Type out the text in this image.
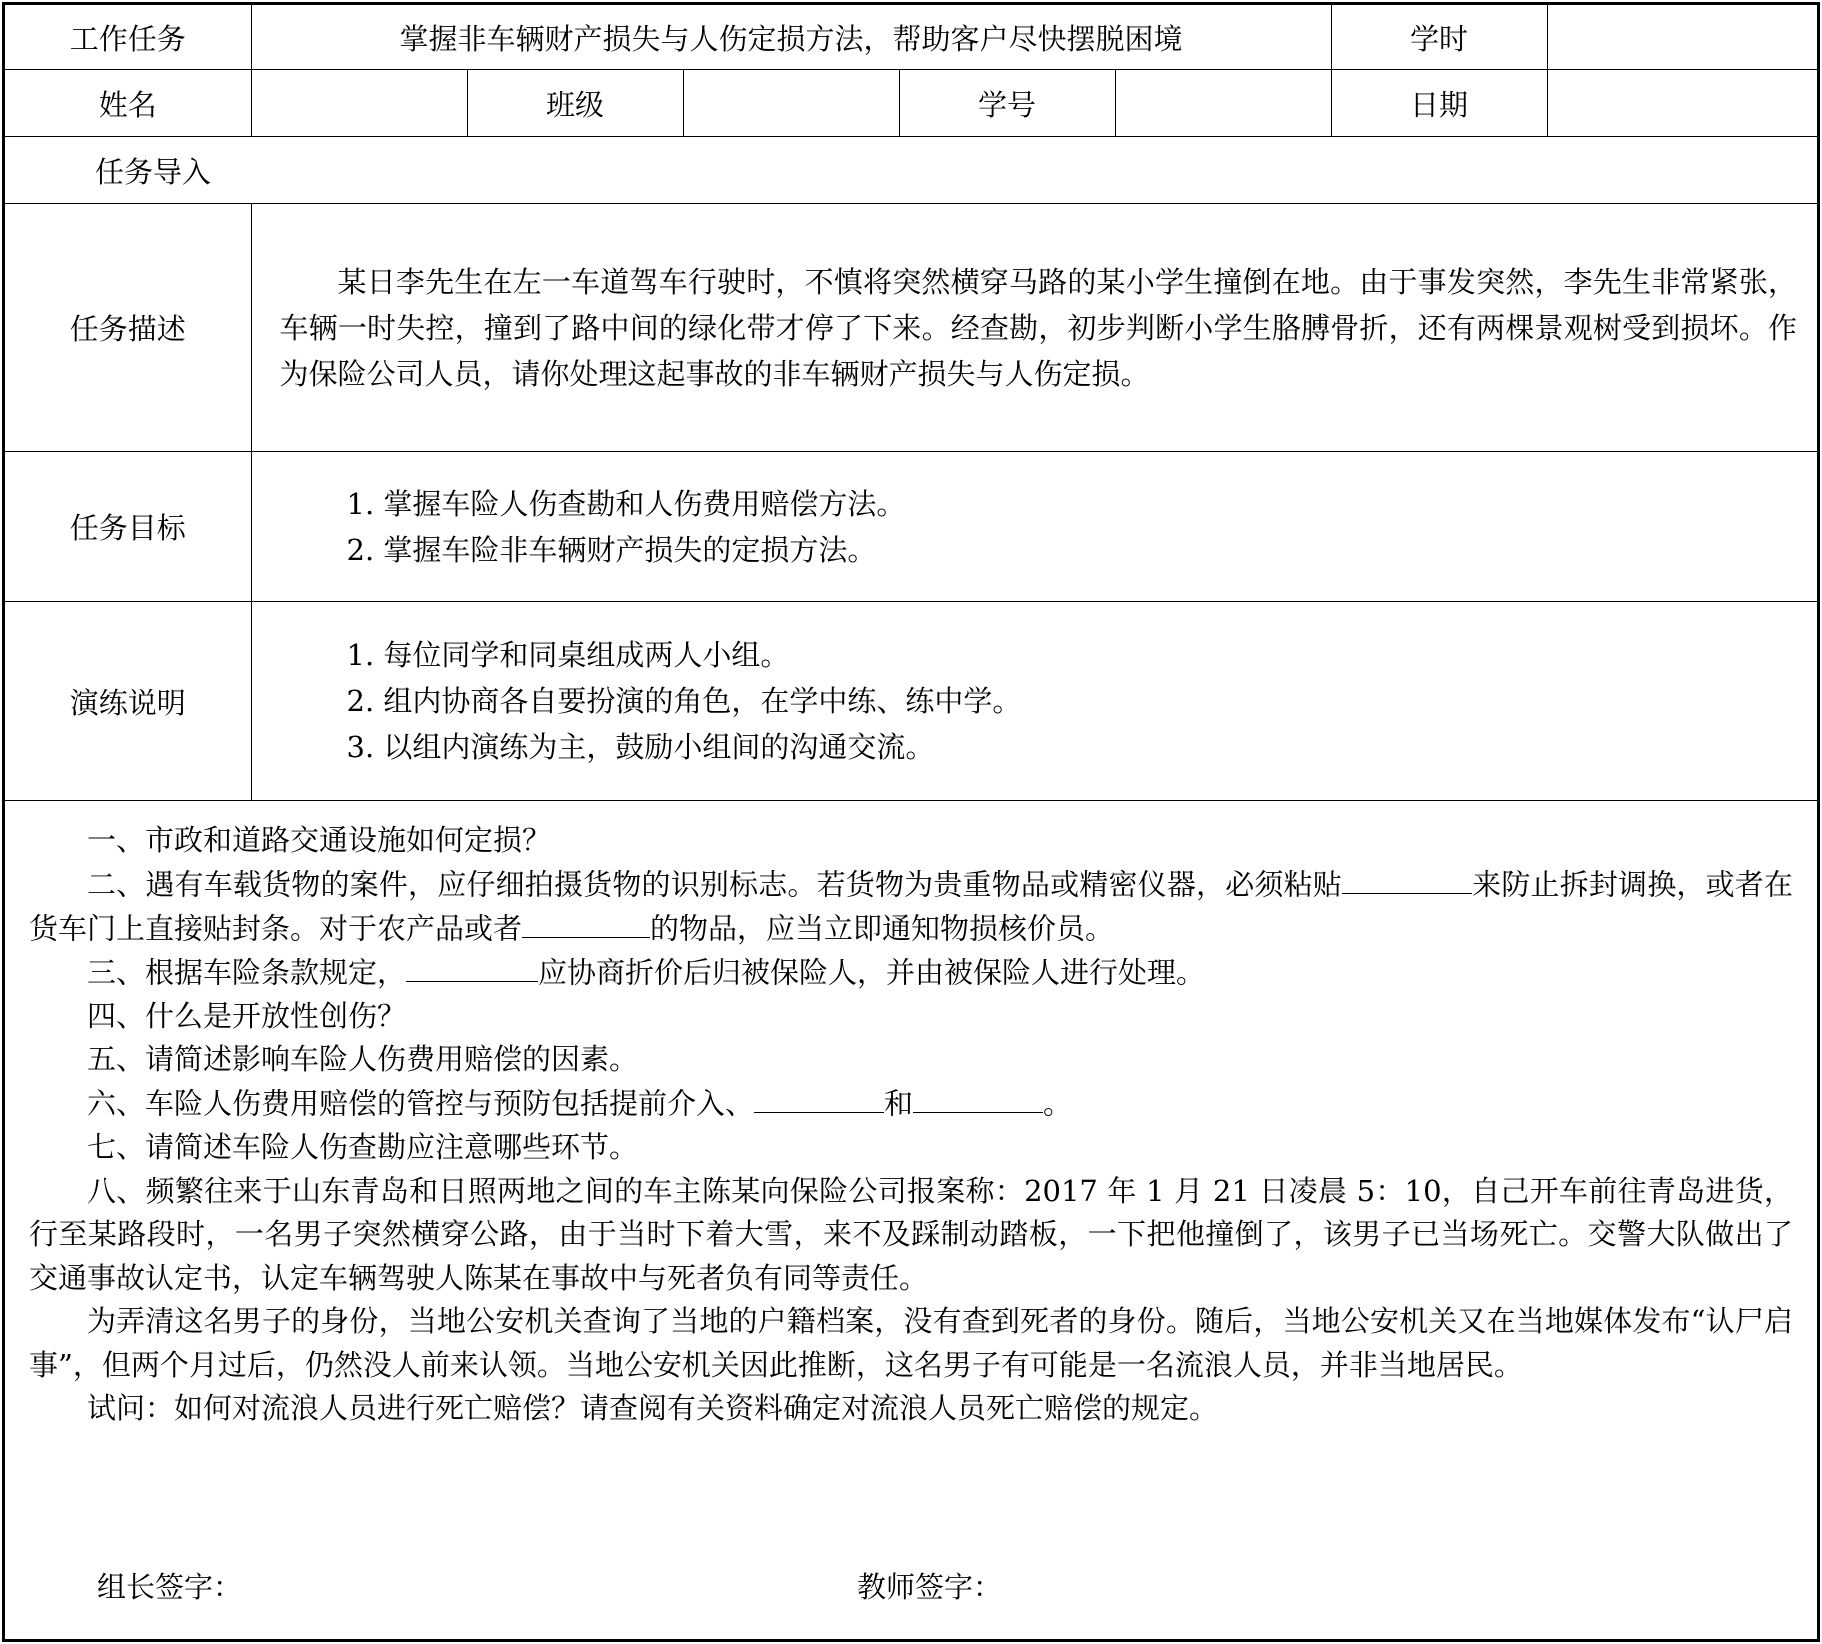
工作任务	掌握非车辆财产损失与人伤定损方法，帮助客户尽快摆脱困境					学时	
姓名		班级		学号		日期	
任务导入							
任务描述	某日李先生在左一车道驾车行驶时，不慎将突然横穿马路的某小学生撞倒在地。由于事发突然，李先生非常紧张，车辆一时失控，撞到了路中间的绿化带才停了下来。经查勘，初步判断小学生胳膊骨折，还有两棵景观树受到损坏。作为保险公司人员，请你处理这起事故的非车辆财产损失与人伤定损。						

任务目标	1. 掌握车险人伤查勘和人伤费用赔偿方法。
2. 掌握车险非车辆财产损失的定损方法。						

演练说明	1. 每位同学和同桌组成两人小组。
2. 组内协商各自要扮演的角色，在学中练、练中学。
3. 以组内演练为主，鼓励小组间的沟通交流。						

一、市政和道路交通设施如何定损？

二、遇有车载货物的案件，应仔细拍摄货物的识别标志。若货物为贵重物品或精密仪器，必须粘贴	来防止拆封调换，或者在货车门上直接贴封条。对于农产品或者	的物品，应当立即通知物损核价员。

三、根据车险条款规定，	应协商折价后归被保险人，并由被保险人进行处理。

四、什么是开放性创伤？

五、请简述影响车险人伤费用赔偿的因素。

六、车险人伤费用赔偿的管控与预防包括提前介入、	和	。

七、请简述车险人伤查勘应注意哪些环节。

八、频繁往来于山东青岛和日照两地之间的车主陈某向保险公司报案称：2017 年 1 月 21 日凌晨 5：10，自己开车前往青岛进货，行至某路段时，一名男子突然横穿公路，由于当时下着大雪，来不及踩制动踏板，一下把他撞倒了，该男子已当场死亡。交警大队做出了交通事故认定书，认定车辆驾驶人陈某在事故中与死者负有同等责任。

为弄清这名男子的身份，当地公安机关查询了当地的户籍档案，没有查到死者的身份。随后，当地公安机关又在当地媒体发布“认尸启事”，但两个月过后，仍然没人前来认领。当地公安机关因此推断，这名男子有可能是一名流浪人员，并非当地居民。

试问：如何对流浪人员进行死亡赔偿？请查阅有关资料确定对流浪人员死亡赔偿的规定。

组长签字：	教师签字：
